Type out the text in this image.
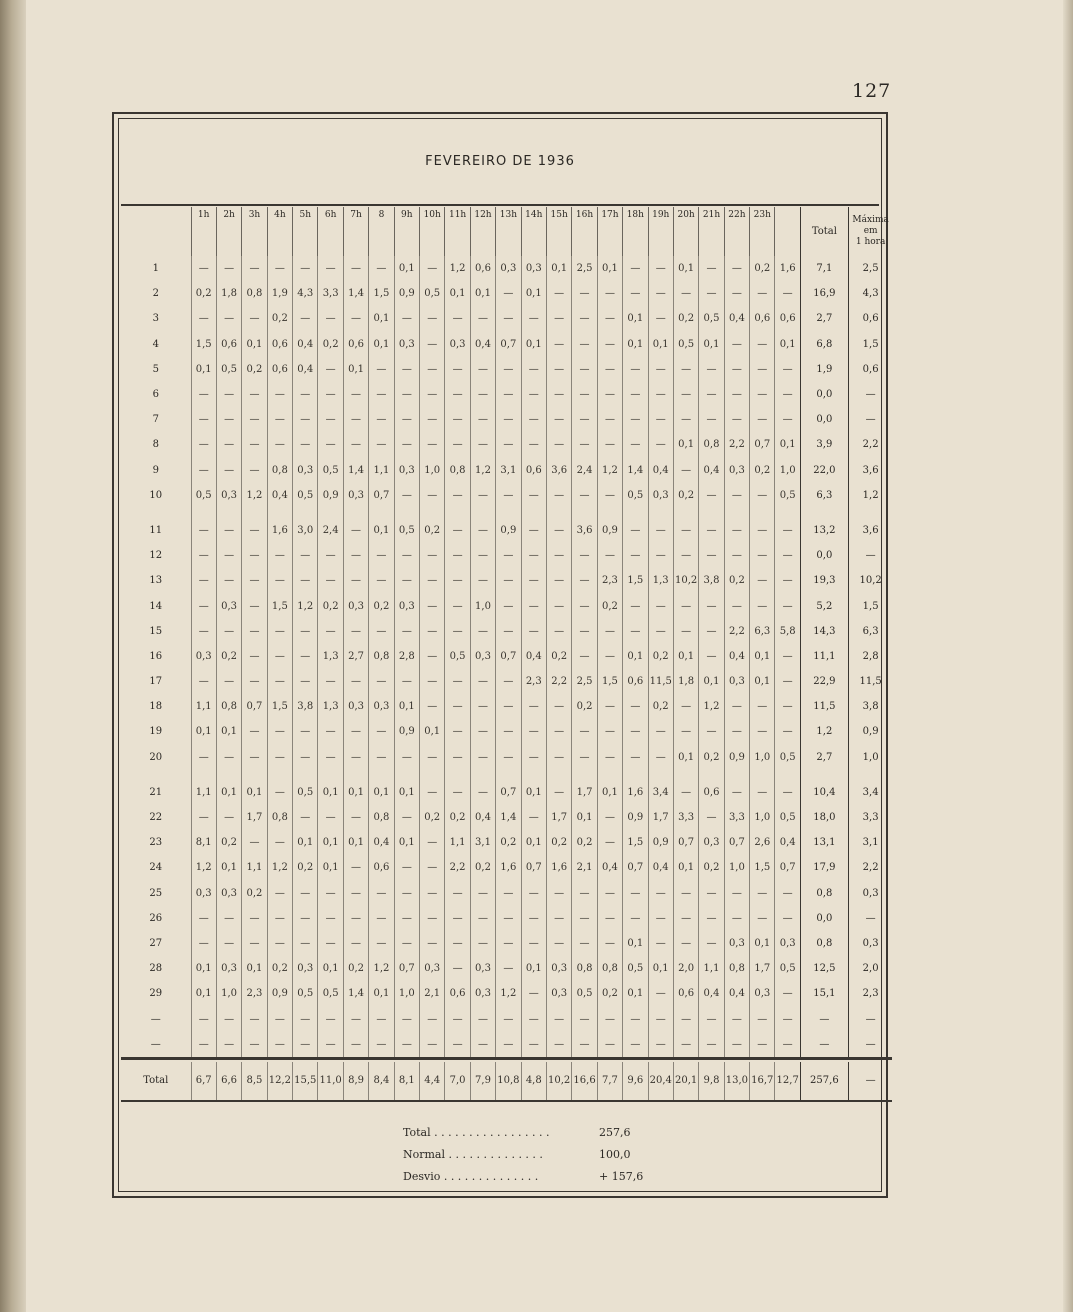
127
FEVEREIRO DE 1936
	1h	2h	3h	4h	5h	6h	7h	8	9h	10h	11h	12h	13h	14h	15h	16h	17h	18h	19h	20h	21h	22h	23h		Total	Máxima
em
1 hora
1	—	—	—	—	—	—	—	—	0,1	—	1,2	0,6	0,3	0,3	0,1	2,5	0,1	—	—	0,1	—	—	0,2	1,6	7,1	2,5
2	0,2	1,8	0,8	1,9	4,3	3,3	1,4	1,5	0,9	0,5	0,1	0,1	—	0,1	—	—	—	—	—	—	—	—	—	—	16,9	4,3
3	—	—	—	0,2	—	—	—	0,1	—	—	—	—	—	—	—	—	—	0,1	—	0,2	0,5	0,4	0,6	0,6	2,7	0,6
4	1,5	0,6	0,1	0,6	0,4	0,2	0,6	0,1	0,3	—	0,3	0,4	0,7	0,1	—	—	—	0,1	0,1	0,5	0,1	—	—	0,1	6,8	1,5
5	0,1	0,5	0,2	0,6	0,4	—	0,1	—	—	—	—	—	—	—	—	—	—	—	—	—	—	—	—	—	1,9	0,6
6	—	—	—	—	—	—	—	—	—	—	—	—	—	—	—	—	—	—	—	—	—	—	—	—	0,0	—
7	—	—	—	—	—	—	—	—	—	—	—	—	—	—	—	—	—	—	—	—	—	—	—	—	0,0	—
8	—	—	—	—	—	—	—	—	—	—	—	—	—	—	—	—	—	—	—	0,1	0,8	2,2	0,7	0,1	3,9	2,2
9	—	—	—	0,8	0,3	0,5	1,4	1,1	0,3	1,0	0,8	1,2	3,1	0,6	3,6	2,4	1,2	1,4	0,4	—	0,4	0,3	0,2	1,0	22,0	3,6
10	0,5	0,3	1,2	0,4	0,5	0,9	0,3	0,7	—	—	—	—	—	—	—	—	—	0,5	0,3	0,2	—	—	—	0,5	6,3	1,2

11	—	—	—	1,6	3,0	2,4	—	0,1	0,5	0,2	—	—	0,9	—	—	3,6	0,9	—	—	—	—	—	—	—	13,2	3,6
12	—	—	—	—	—	—	—	—	—	—	—	—	—	—	—	—	—	—	—	—	—	—	—	—	0,0	—
13	—	—	—	—	—	—	—	—	—	—	—	—	—	—	—	—	2,3	1,5	1,3	10,2	3,8	0,2	—	—	19,3	10,2
14	—	0,3	—	1,5	1,2	0,2	0,3	0,2	0,3	—	—	1,0	—	—	—	—	0,2	—	—	—	—	—	—	—	5,2	1,5
15	—	—	—	—	—	—	—	—	—	—	—	—	—	—	—	—	—	—	—	—	—	2,2	6,3	5,8	14,3	6,3
16	0,3	0,2	—	—	—	1,3	2,7	0,8	2,8	—	0,5	0,3	0,7	0,4	0,2	—	—	0,1	0,2	0,1	—	0,4	0,1	—	11,1	2,8
17	—	—	—	—	—	—	—	—	—	—	—	—	—	2,3	2,2	2,5	1,5	0,6	11,5	1,8	0,1	0,3	0,1	—	22,9	11,5
18	1,1	0,8	0,7	1,5	3,8	1,3	0,3	0,3	0,1	—	—	—	—	—	—	0,2	—	—	0,2	—	1,2	—	—	—	11,5	3,8
19	0,1	0,1	—	—	—	—	—	—	0,9	0,1	—	—	—	—	—	—	—	—	—	—	—	—	—	—	1,2	0,9
20	—	—	—	—	—	—	—	—	—	—	—	—	—	—	—	—	—	—	—	0,1	0,2	0,9	1,0	0,5	2,7	1,0

21	1,1	0,1	0,1	—	0,5	0,1	0,1	0,1	0,1	—	—	—	0,7	0,1	—	1,7	0,1	1,6	3,4	—	0,6	—	—	—	10,4	3,4
22	—	—	1,7	0,8	—	—	—	0,8	—	0,2	0,2	0,4	1,4	—	1,7	0,1	—	0,9	1,7	3,3	—	3,3	1,0	0,5	18,0	3,3
23	8,1	0,2	—	—	0,1	0,1	0,1	0,4	0,1	—	1,1	3,1	0,2	0,1	0,2	0,2	—	1,5	0,9	0,7	0,3	0,7	2,6	0,4	13,1	3,1
24	1,2	0,1	1,1	1,2	0,2	0,1	—	0,6	—	—	2,2	0,2	1,6	0,7	1,6	2,1	0,4	0,7	0,4	0,1	0,2	1,0	1,5	0,7	17,9	2,2
25	0,3	0,3	0,2	—	—	—	—	—	—	—	—	—	—	—	—	—	—	—	—	—	—	—	—	—	0,8	0,3
26	—	—	—	—	—	—	—	—	—	—	—	—	—	—	—	—	—	—	—	—	—	—	—	—	0,0	—
27	—	—	—	—	—	—	—	—	—	—	—	—	—	—	—	—	—	0,1	—	—	—	0,3	0,1	0,3	0,8	0,3
28	0,1	0,3	0,1	0,2	0,3	0,1	0,2	1,2	0,7	0,3	—	0,3	—	0,1	0,3	0,8	0,8	0,5	0,1	2,0	1,1	0,8	1,7	0,5	12,5	2,0
29	0,1	1,0	2,3	0,9	0,5	0,5	1,4	0,1	1,0	2,1	0,6	0,3	1,2	—	0,3	0,5	0,2	0,1	—	0,6	0,4	0,4	0,3	—	15,1	2,3
—	—	—	—	—	—	—	—	—	—	—	—	—	—	—	—	—	—	—	—	—	—	—	—	—	—	—
—	—	—	—	—	—	—	—	—	—	—	—	—	—	—	—	—	—	—	—	—	—	—	—	—	—	—

Total	6,7	6,6	8,5	12,2	15,5	11,0	8,9	8,4	8,1	4,4	7,0	7,9	10,8	4,8	10,2	16,6	7,7	9,6	20,4	20,1	9,8	13,0	16,7	12,7	257,6	—
Total . . . . . . . . . . . . . . . . .	257,6
Normal . . . . . . . . . . . . . .	100,0
Desvio . . . . . . . . . . . . . .	+ 157,6
